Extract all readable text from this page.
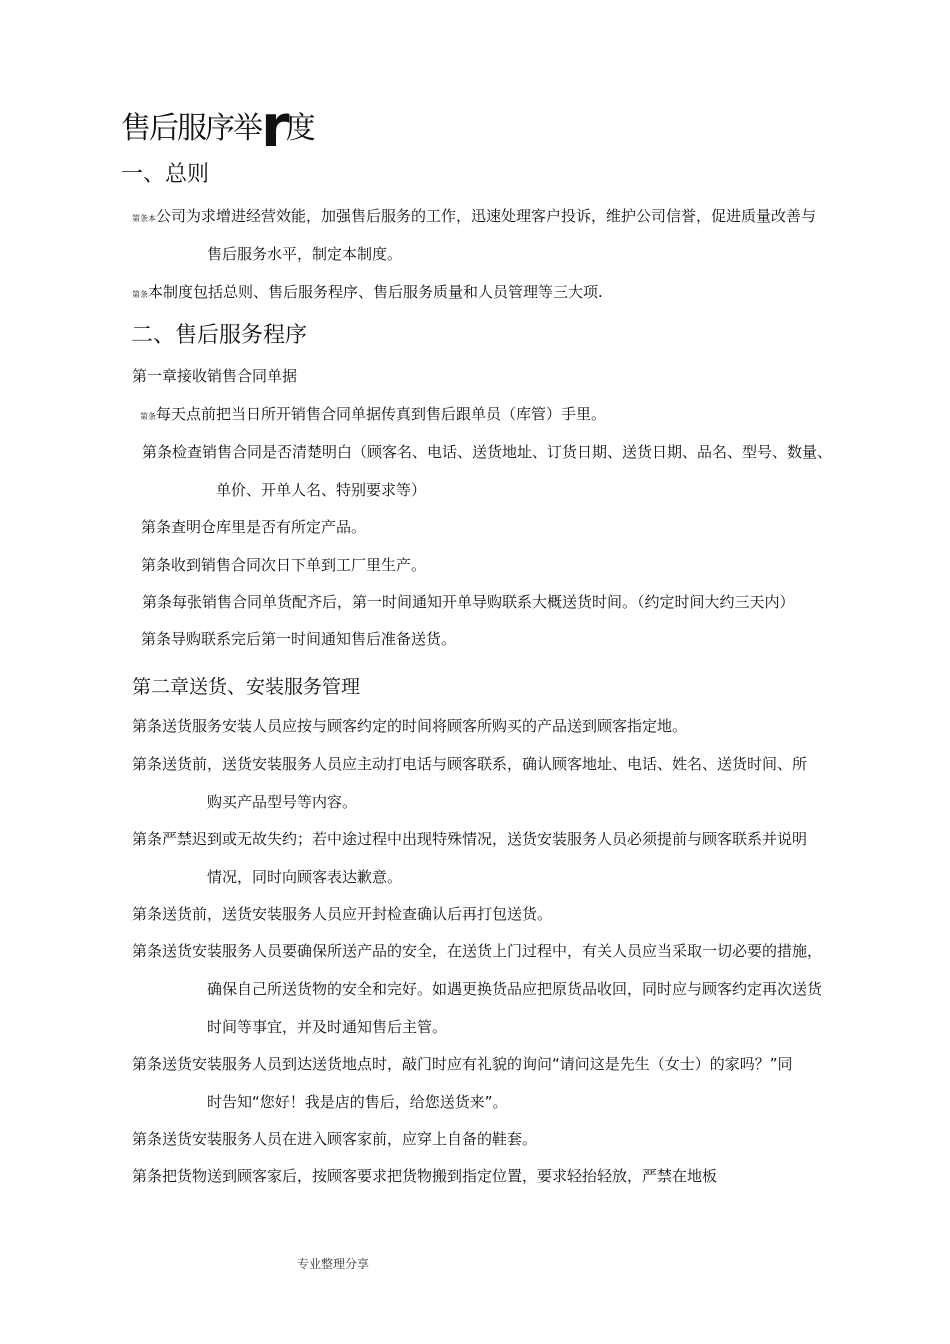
售后服序举r度
一、总则
第条本公司为求增进经营效能，加强售后服务的工作，迅速处理客户投诉，维护公司信誉，促进质量改善与
售后服务水平，制定本制度。
第条本制度包括总则、售后服务程序、售后服务质量和人员管理等三大项.
二、售后服务程序
第一章接收销售合同单据
第条每天点前把当日所开销售合同单据传真到售后跟单员（库管）手里。
第条检查销售合同是否清楚明白（顾客名、电话、送货地址、订货日期、送货日期、品名、型号、数量、
单价、开单人名、特别要求等）
第条查明仓库里是否有所定产品。
第条收到销售合同次日下单到工厂里生产。
第条每张销售合同单货配齐后，第一时间通知开单导购联系大概送货时间。（约定时间大约三天内）
第条导购联系完后第一时间通知售后准备送货。
第二章送货、安装服务管理
第条送货服务安装人员应按与顾客约定的时间将顾客所购买的产品送到顾客指定地。
第条送货前，送货安装服务人员应主动打电话与顾客联系，确认顾客地址、电话、姓名、送货时间、所
购买产品型号等内容。
第条严禁迟到或无故失约；若中途过程中出现特殊情况，送货安装服务人员必须提前与顾客联系并说明
情况，同时向顾客表达歉意。
第条送货前，送货安装服务人员应开封检查确认后再打包送货。
第条送货安装服务人员要确保所送产品的安全，在送货上门过程中，有关人员应当采取一切必要的措施，
确保自己所送货物的安全和完好。如遇更换货品应把原货品收回，同时应与顾客约定再次送货
时间等事宜，并及时通知售后主管。
第条送货安装服务人员到达送货地点时，敲门时应有礼貌的询问“请问这是先生（女士）的家吗？”同
时告知“您好！我是店的售后，给您送货来”。
第条送货安装服务人员在进入顾客家前，应穿上自备的鞋套。
第条把货物送到顾客家后，按顾客要求把货物搬到指定位置，要求轻抬轻放，严禁在地板
专业整理分享
